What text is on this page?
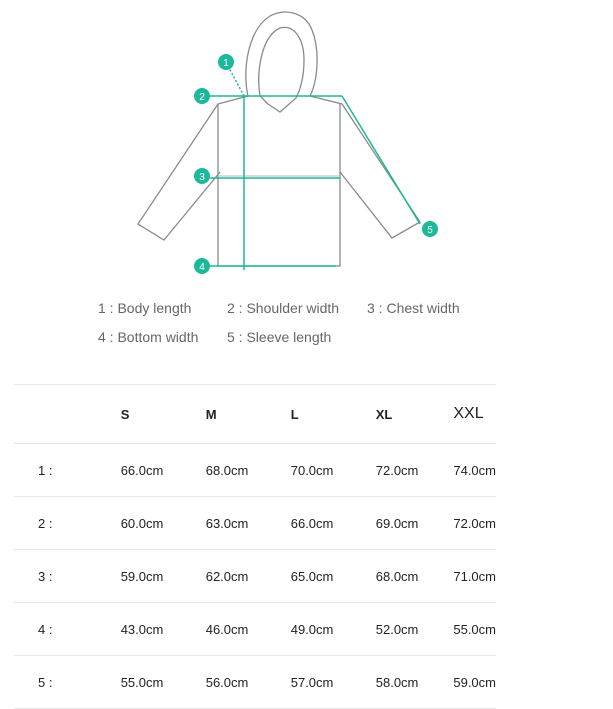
1
2
3
4
5
1 : Body length	2 : Shoulder width 3 : Chest width
4 : Bottom width 5 : Sleeve length
	S	M	L	XL	XXL
1 :	66.0cm	68.0cm	70.0cm	72.0cm	74.0cm
2 :	60.0cm	63.0cm	66.0cm	69.0cm	72.0cm
3 :	59.0cm	62.0cm	65.0cm	68.0cm	71.0cm
4 :	43.0cm	46.0cm	49.0cm	52.0cm	55.0cm
5 :	55.0cm	56.0cm	57.0cm	58.0cm	59.0cm
